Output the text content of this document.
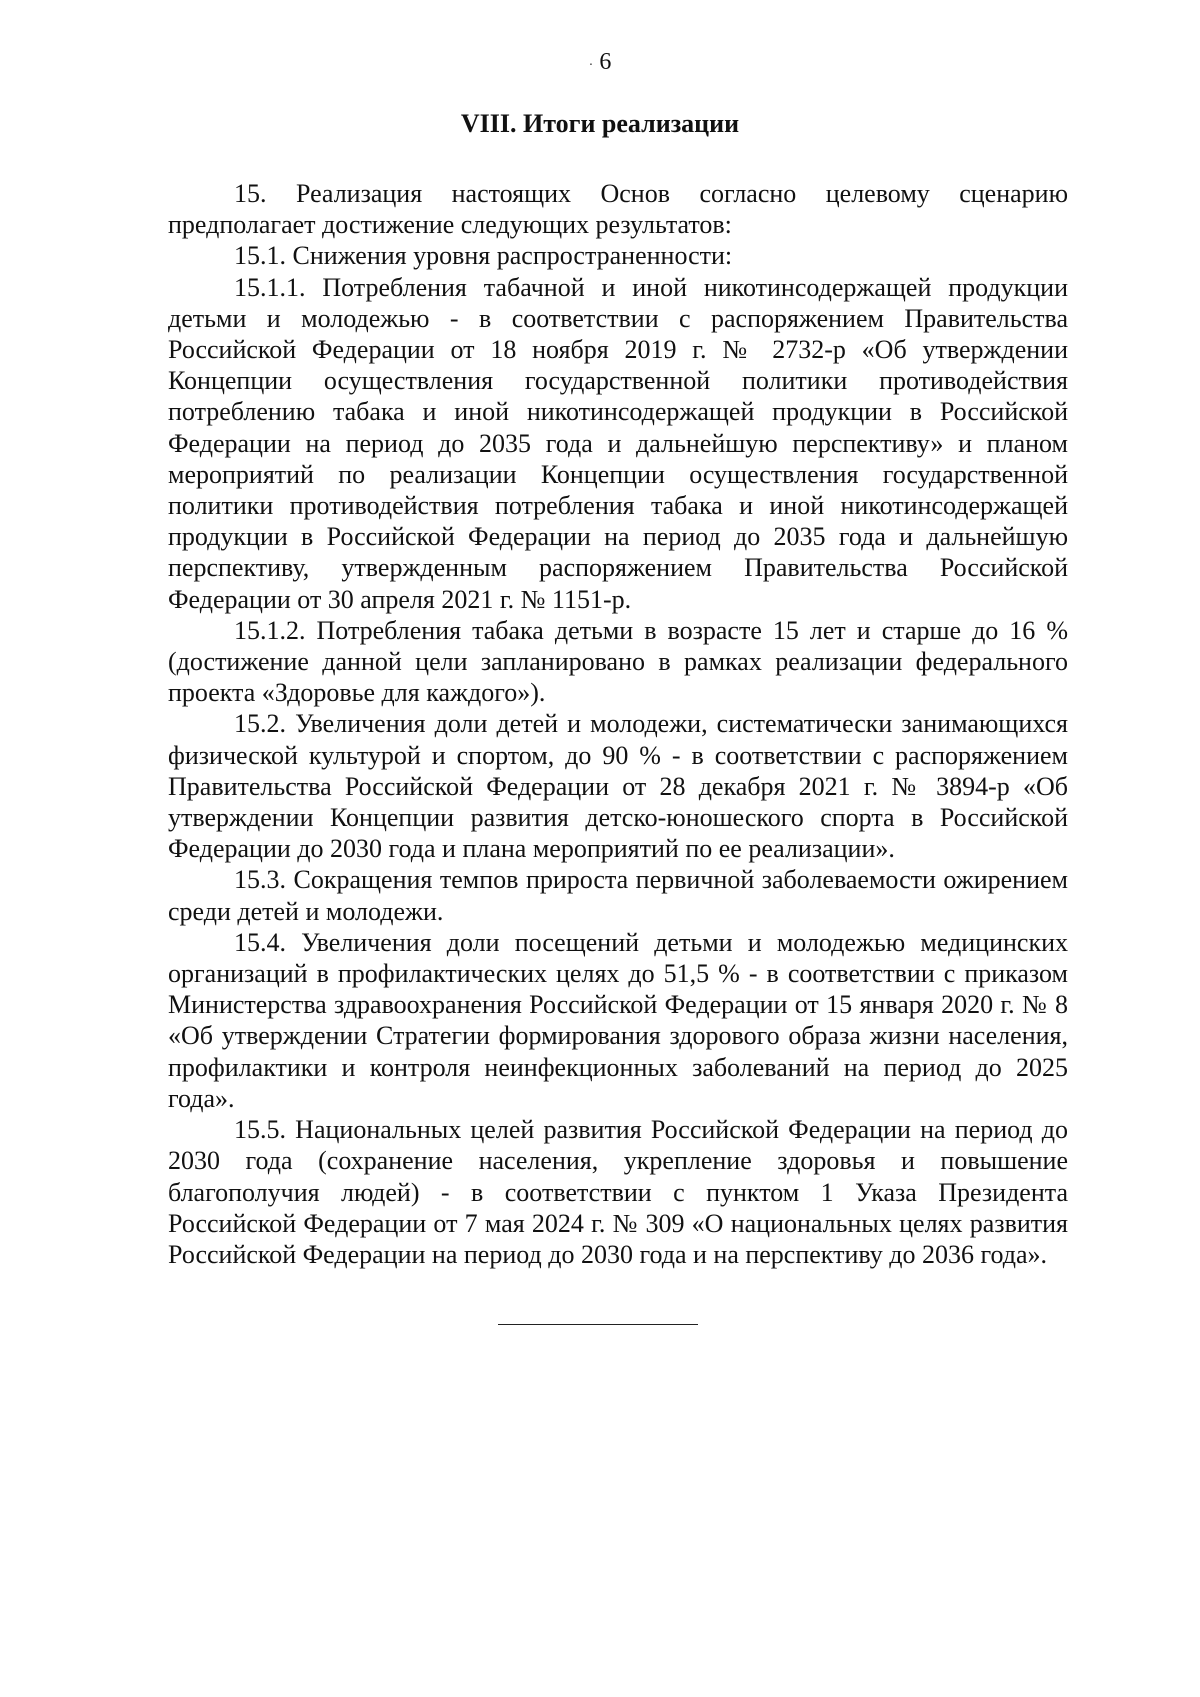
· 6
VIII. Итоги реализации

15. Реализация настоящих Основ согласно целевому сценарию предполагает достижение следующих результатов:

15.1. Снижения уровня распространенности:

15.1.1. Потребления табачной и иной никотинсодержащей продукции детьми и молодежью - в соответствии с распоряжением Правительства Российской Федерации от 18 ноября 2019 г. № 2732-р «Об утверждении Концепции осуществления государственной политики противодействия потреблению табака и иной никотинсодержащей продукции в Российской Федерации на период до 2035 года и дальнейшую перспективу» и планом мероприятий по реализации Концепции осуществления государственной политики противодействия потребления табака и иной никотинсодержащей продукции в Российской Федерации на период до 2035 года и дальнейшую перспективу, утвержденным распоряжением Правительства Российской Федерации от 30 апреля 2021 г. № 1151-р.

15.1.2. Потребления табака детьми в возрасте 15 лет и старше до 16 % (достижение данной цели запланировано в рамках реализации федерального проекта «Здоровье для каждого»).

15.2. Увеличения доли детей и молодежи, систематически занимающихся физической культурой и спортом, до 90 % - в соответствии с распоряжением Правительства Российской Федерации от 28 декабря 2021 г. № 3894-р «Об утверждении Концепции развития детско-юношеского спорта в Российской Федерации до 2030 года и плана мероприятий по ее реализации».

15.3. Сокращения темпов прироста первичной заболеваемости ожирением среди детей и молодежи.

15.4. Увеличения доли посещений детьми и молодежью медицинских организаций в профилактических целях до 51,5 % - в соответствии с приказом Министерства здравоохранения Российской Федерации от 15 января 2020 г. № 8 «Об утверждении Стратегии формирования здорового образа жизни населения, профилактики и контроля неинфекционных заболеваний на период до 2025 года».

15.5. Национальных целей развития Российской Федерации на период до 2030 года (сохранение населения, укрепление здоровья и повышение благополучия людей) - в соответствии с пунктом 1 Указа Президента Российской Федерации от 7 мая 2024 г. № 309 «О национальных целях развития Российской Федерации на период до 2030 года и на перспективу до 2036 года».
